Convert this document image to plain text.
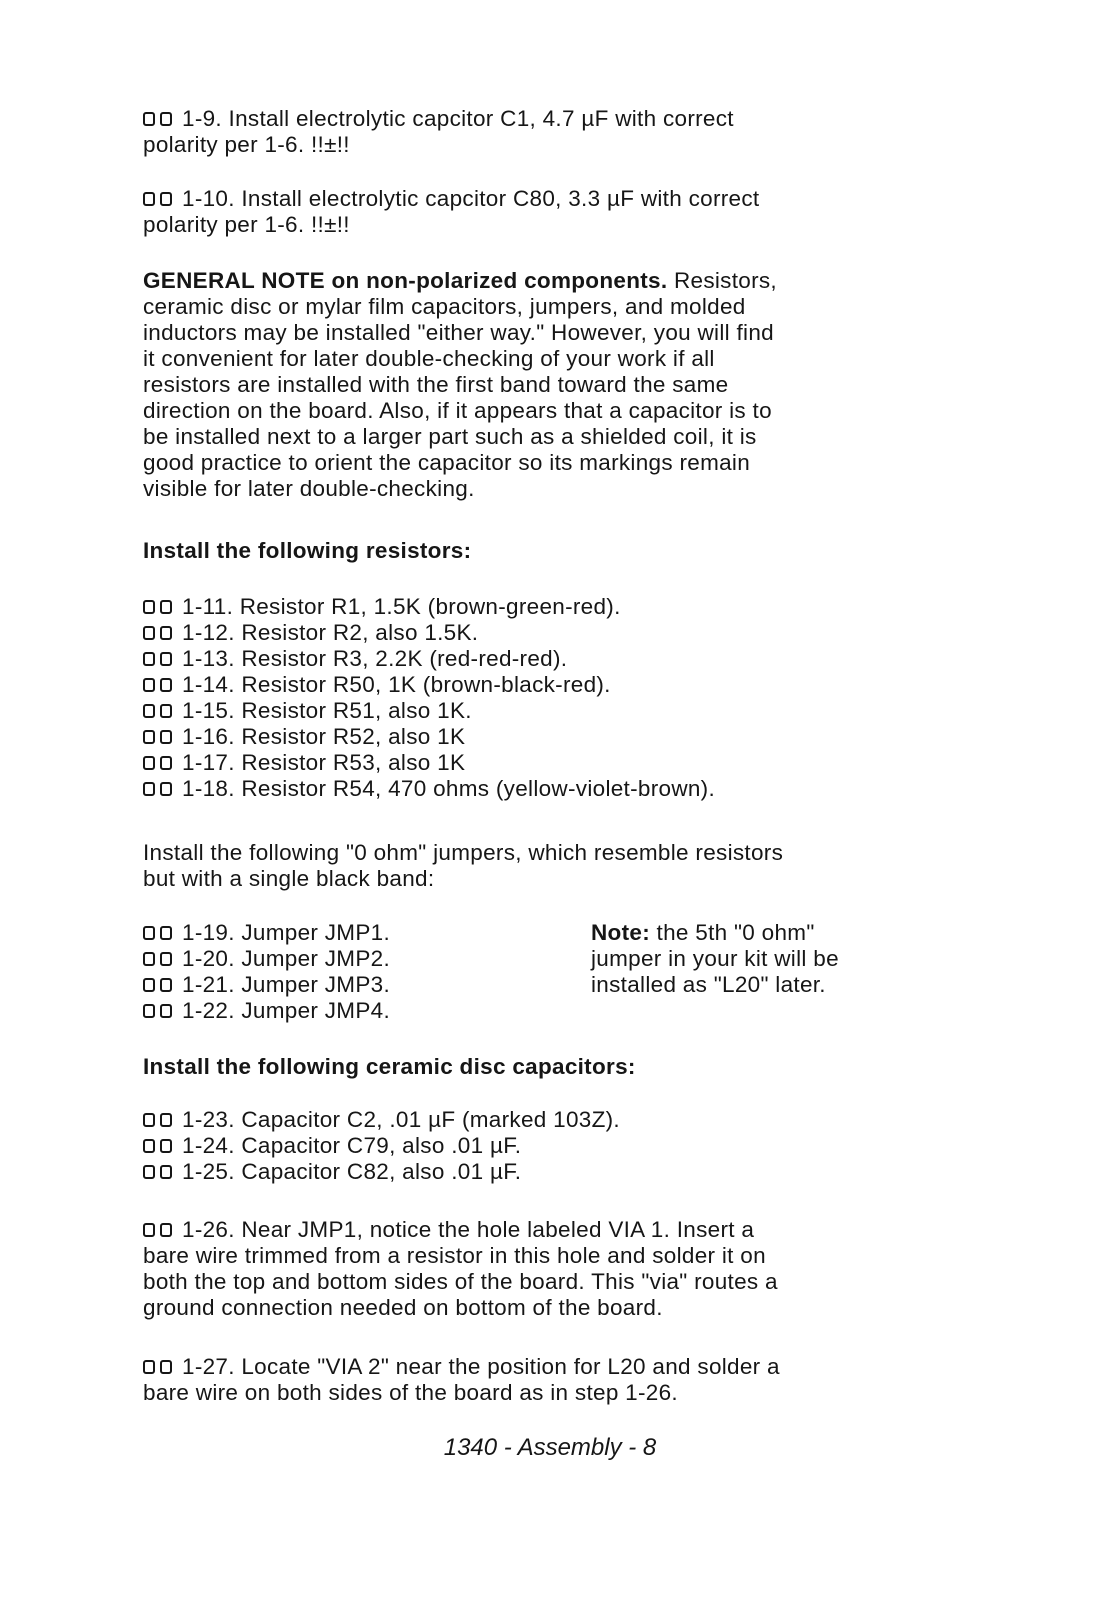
1-9.
Install electrolytic capcitor C1, 4.7 µF with correct
polarity per 1-6. !!±!!
1-10.
Install electrolytic capcitor C80, 3.3 µF with correct
polarity per 1-6. !!±!!
GENERAL NOTE on non-polarized components. Resistors,
ceramic disc or mylar film capacitors, jumpers, and molded
inductors may be installed "either way." However, you will find
it convenient for later double-checking of your work if all
resistors are installed with the first band toward the same
direction on the board. Also, if it appears that a capacitor is to
be installed next to a larger part such as a shielded coil, it is
good practice to orient the capacitor so its markings remain
visible for later double-checking.
Install the following resistors:
1-11.
Resistor R1, 1.5K (brown-green-red).
1-12.
Resistor R2, also 1.5K.
1-13.
Resistor R3, 2.2K (red-red-red).
1-14.
Resistor R50, 1K (brown-black-red).
1-15.
Resistor R51, also 1K.
1-16.
Resistor R52, also 1K
1-17.
Resistor R53, also 1K
1-18.
Resistor R54, 470 ohms (yellow-violet-brown).
Install the following "0 ohm" jumpers, which resemble resistors
but with a single black band:
1-19.
Jumper JMP1.
1-20.
Jumper JMP2.
1-21.
Jumper JMP3.
1-22.
Jumper JMP4.
Note: the 5th "0 ohm"
jumper in your kit will be
installed as "L20" later.
Install the following ceramic disc capacitors:
1-23.
Capacitor C2, .01 µF (marked 103Z).
1-24.
Capacitor C79, also .01 µF.
1-25.
Capacitor C82, also .01 µF.
1-26.
Near JMP1, notice the hole labeled VIA 1. Insert a
bare wire trimmed from a resistor in this hole and solder it on
both the top and bottom sides of the board. This "via" routes a
ground connection needed on bottom of the board.
1-27.
Locate "VIA 2" near the position for L20 and solder a
bare wire on both sides of the board as in step 1-26.
1340 - Assembly - 8
